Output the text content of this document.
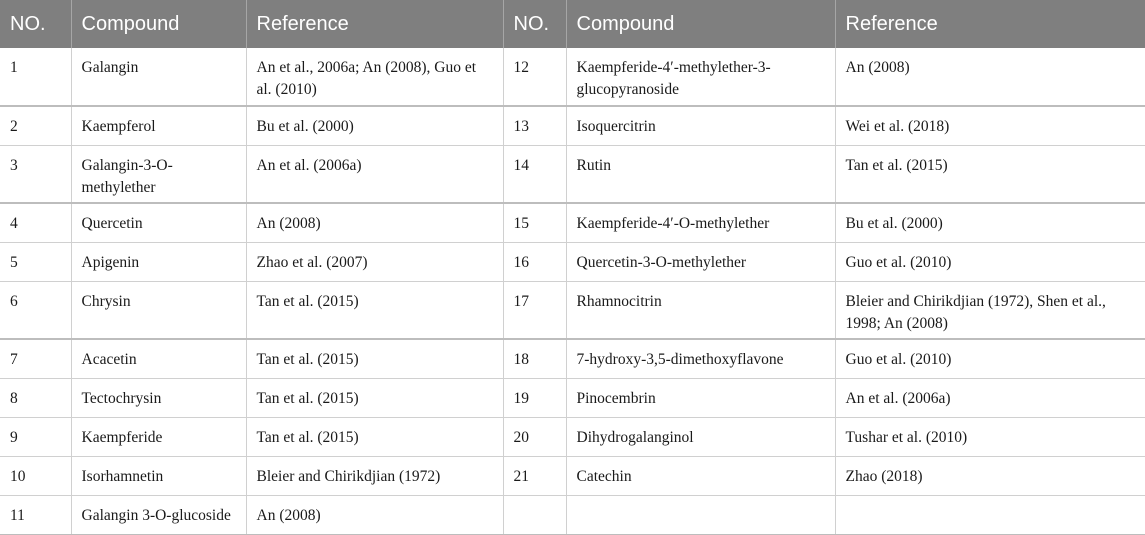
NO.	Compound	Reference	NO.	Compound	Reference
1	Galangin	An et al., 2006a; An (2008), Guo et al. (2010)	12	Kaempferide-4′-methylether-3-glucopyranoside	An (2008)
2	Kaempferol	Bu et al. (2000)	13	Isoquercitrin	Wei et al. (2018)
3	Galangin-3-O-methylether	An et al. (2006a)	14	Rutin	Tan et al. (2015)
4	Quercetin	An (2008)	15	Kaempferide-4′-O-methylether	Bu et al. (2000)
5	Apigenin	Zhao et al. (2007)	16	Quercetin-3-O-methylether	Guo et al. (2010)
6	Chrysin	Tan et al. (2015)	17	Rhamnocitrin	Bleier and Chirikdjian (1972), Shen et al., 1998; An (2008)
7	Acacetin	Tan et al. (2015)	18	7-hydroxy-3,5-dimethoxyflavone	Guo et al. (2010)
8	Tectochrysin	Tan et al. (2015)	19	Pinocembrin	An et al. (2006a)
9	Kaempferide	Tan et al. (2015)	20	Dihydrogalanginol	Tushar et al. (2010)
10	Isorhamnetin	Bleier and Chirikdjian (1972)	21	Catechin	Zhao (2018)
11	Galangin 3-O-glucoside	An (2008)			
